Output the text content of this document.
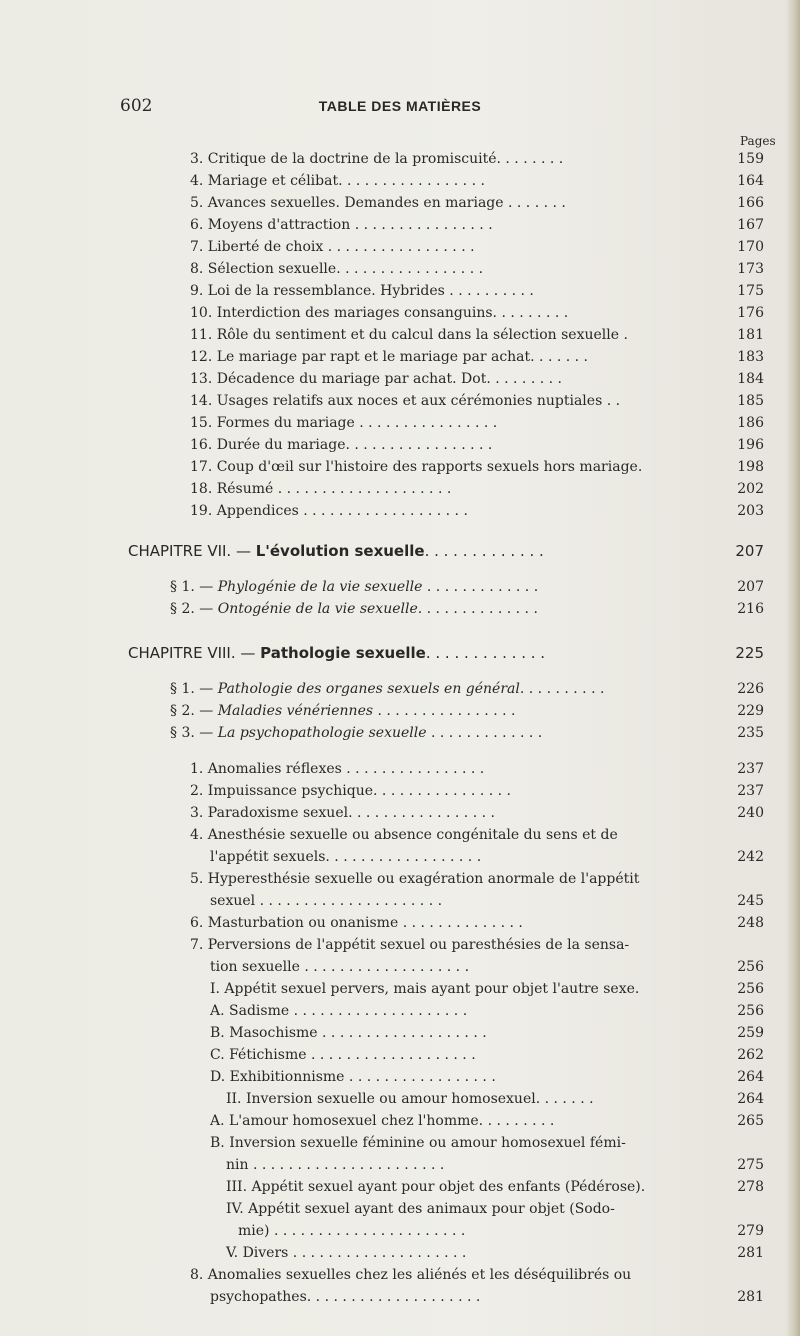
602	TABLE DES MATIÈRES
Pages
3. Critique de la doctrine de la promiscuité. . . . . . . .	159
4. Mariage et célibat. . . . . . . . . . . . . . . . .	164
5. Avances sexuelles. Demandes en mariage . . . . . . .	166
6. Moyens d'attraction . . . . . . . . . . . . . . . .	167
7. Liberté de choix . . . . . . . . . . . . . . . . .	170
8. Sélection sexuelle. . . . . . . . . . . . . . . . .	173
9. Loi de la ressemblance. Hybrides . . . . . . . . . .	175
10. Interdiction des mariages consanguins. . . . . . . . .	176
11. Rôle du sentiment et du calcul dans la sélection sexuelle .	181
12. Le mariage par rapt et le mariage par achat. . . . . . .	183
13. Décadence du mariage par achat. Dot. . . . . . . . .	184
14. Usages relatifs aux noces et aux cérémonies nuptiales . .	185
15. Formes du mariage . . . . . . . . . . . . . . . .	186
16. Durée du mariage. . . . . . . . . . . . . . . . .	196
17. Coup d'œil sur l'histoire des rapports sexuels hors mariage.	198
18. Résumé . . . . . . . . . . . . . . . . . . . .	202
19. Appendices . . . . . . . . . . . . . . . . . . .	203
CHAPITRE VII. — L'évolution sexuelle. . . . . . . . . . . . .	207
§ 1. — Phylogénie de la vie sexuelle . . . . . . . . . . . . .	207
§ 2. — Ontogénie de la vie sexuelle. . . . . . . . . . . . . .	216
CHAPITRE VIII. — Pathologie sexuelle. . . . . . . . . . . . .	225
§ 1. — Pathologie des organes sexuels en général. . . . . . . . . .	226
§ 2. — Maladies vénériennes . . . . . . . . . . . . . . . .	229
§ 3. — La psychopathologie sexuelle . . . . . . . . . . . . .	235
1. Anomalies réflexes . . . . . . . . . . . . . . . .	237
2. Impuissance psychique. . . . . . . . . . . . . . . .	237
3. Paradoxisme sexuel. . . . . . . . . . . . . . . . .	240
4. Anesthésie sexuelle ou absence congénitale du sens et de
l'appétit sexuels. . . . . . . . . . . . . . . . . .	242
5. Hyperesthésie sexuelle ou exagération anormale de l'appétit
sexuel . . . . . . . . . . . . . . . . . . . . .	245
6. Masturbation ou onanisme . . . . . . . . . . . . . .	248
7. Perversions de l'appétit sexuel ou paresthésies de la sensa-
tion sexuelle . . . . . . . . . . . . . . . . . . .	256
I. Appétit sexuel pervers, mais ayant pour objet l'autre sexe.	256
A. Sadisme . . . . . . . . . . . . . . . . . . . .	256
B. Masochisme . . . . . . . . . . . . . . . . . . .	259
C. Fétichisme . . . . . . . . . . . . . . . . . . .	262
D. Exhibitionnisme . . . . . . . . . . . . . . . . .	264
II. Inversion sexuelle ou amour homosexuel. . . . . . .	264
A. L'amour homosexuel chez l'homme. . . . . . . . .	265
B. Inversion sexuelle féminine ou amour homosexuel fémi-
nin . . . . . . . . . . . . . . . . . . . . . .	275
III. Appétit sexuel ayant pour objet des enfants (Pédérose).	278
IV. Appétit sexuel ayant des animaux pour objet (Sodo-
mie) . . . . . . . . . . . . . . . . . . . . . .	279
V. Divers . . . . . . . . . . . . . . . . . . . .	281
8. Anomalies sexuelles chez les aliénés et les déséquilibrés ou
psychopathes. . . . . . . . . . . . . . . . . . . .	281
